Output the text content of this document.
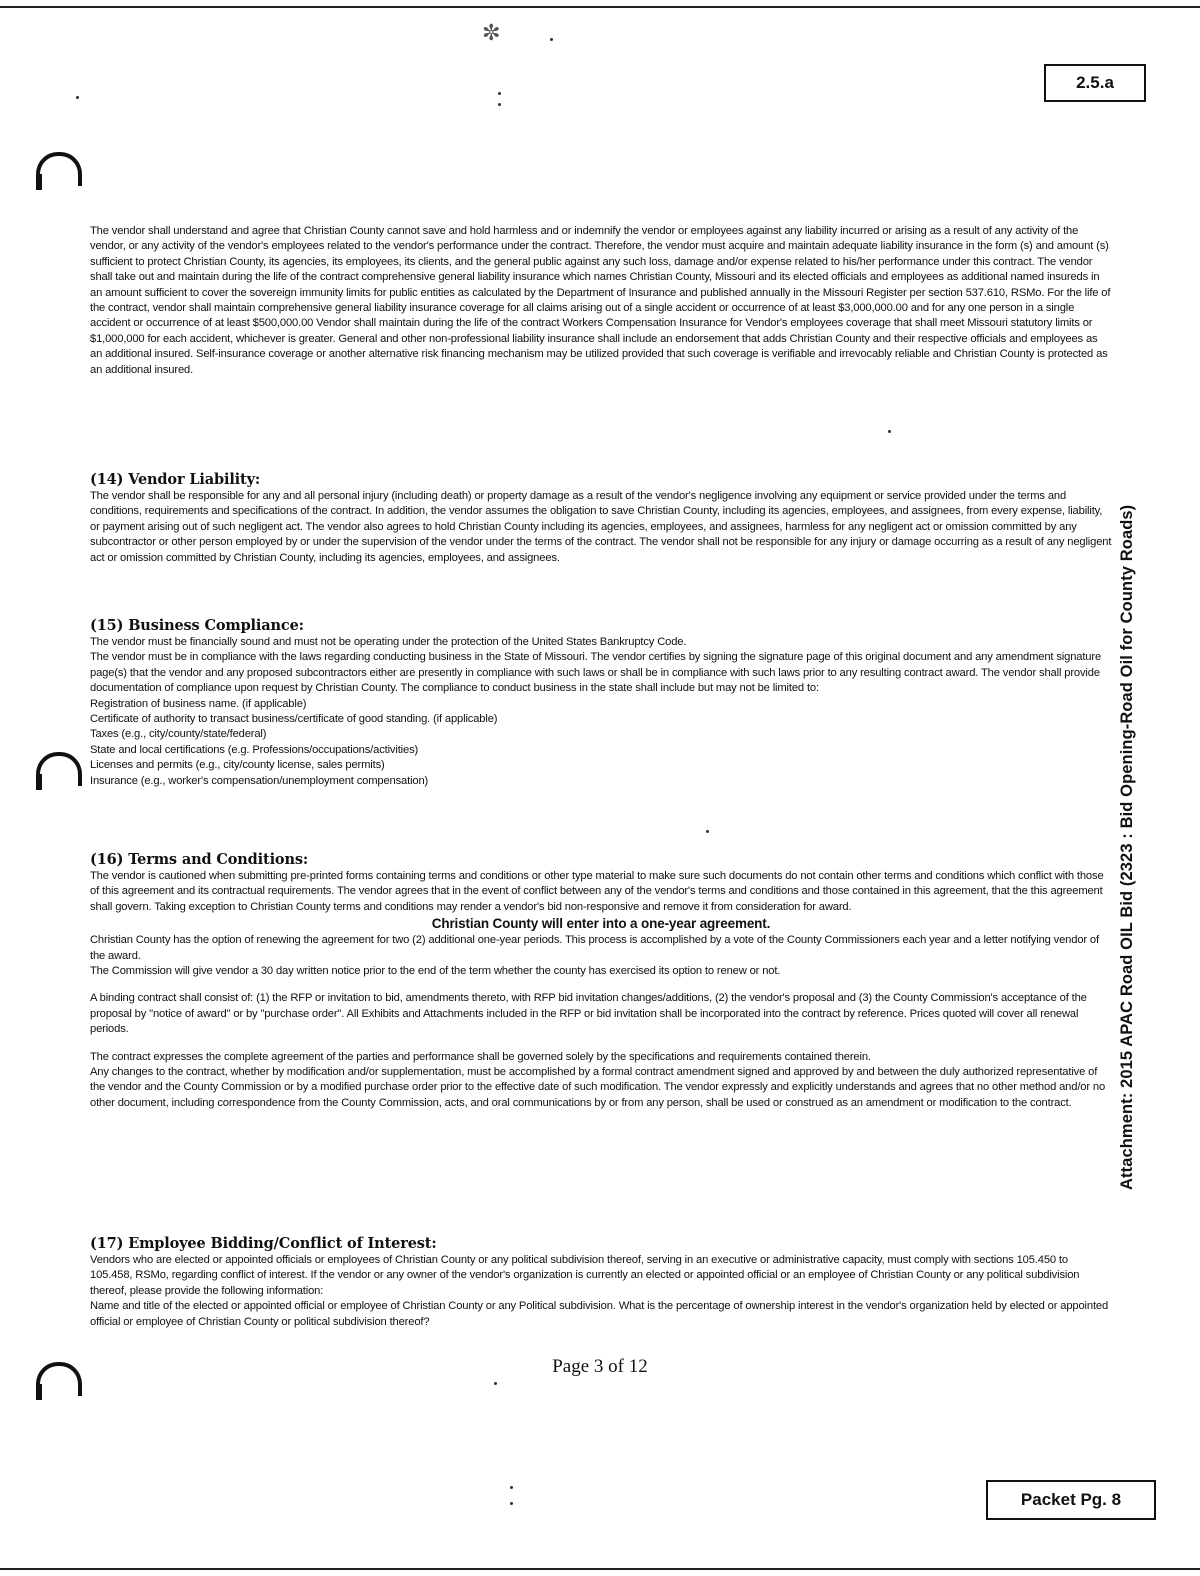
✼
2.5.a

The vendor shall understand and agree that Christian County cannot save and hold harmless and or indemnify the vendor or employees against any liability incurred or arising as a result of any activity of the vendor, or any activity of the vendor's employees related to the vendor's performance under the contract. Therefore, the vendor must acquire and maintain adequate liability insurance in the form (s) and amount (s) sufficient to protect Christian County, its agencies, its employees, its clients, and the general public against any such loss, damage and/or expense related to his/her performance under this contract. The vendor shall take out and maintain during the life of the contract comprehensive general liability insurance which names Christian County, Missouri and its elected officials and employees as additional named insureds in an amount sufficient to cover the sovereign immunity limits for public entities as calculated by the Department of Insurance and published annually in the Missouri Register per section 537.610, RSMo. For the life of the contract, vendor shall maintain comprehensive general liability insurance coverage for all claims arising out of a single accident or occurrence of at least $3,000,000.00 and for any one person in a single accident or occurrence of at least $500,000.00 Vendor shall maintain during the life of the contract Workers Compensation Insurance for Vendor's employees coverage that shall meet Missouri statutory limits or $1,000,000 for each accident, whichever is greater. General and other non-professional liability insurance shall include an endorsement that adds Christian County and their respective officials and employees as an additional insured. Self-insurance coverage or another alternative risk financing mechanism may be utilized provided that such coverage is verifiable and irrevocably reliable and Christian County is protected as an additional insured.

(14) Vendor Liability:

The vendor shall be responsible for any and all personal injury (including death) or property damage as a result of the vendor's negligence involving any equipment or service provided under the terms and conditions, requirements and specifications of the contract. In addition, the vendor assumes the obligation to save Christian County, including its agencies, employees, and assignees, from every expense, liability, or payment arising out of such negligent act. The vendor also agrees to hold Christian County including its agencies, employees, and assignees, harmless for any negligent act or omission committed by any subcontractor or other person employed by or under the supervision of the vendor under the terms of the contract. The vendor shall not be responsible for any injury or damage occurring as a result of any negligent act or omission committed by Christian County, including its agencies, employees, and assignees.

(15) Business Compliance:

The vendor must be financially sound and must not be operating under the protection of the United States Bankruptcy Code.

The vendor must be in compliance with the laws regarding conducting business in the State of Missouri. The vendor certifies by signing the signature page of this original document and any amendment signature page(s) that the vendor and any proposed subcontractors either are presently in compliance with such laws or shall be in compliance with such laws prior to any resulting contract award. The vendor shall provide documentation of compliance upon request by Christian County. The compliance to conduct business in the state shall include but may not be limited to:

Registration of business name. (if applicable)

Certificate of authority to transact business/certificate of good standing. (if applicable)

Taxes (e.g., city/county/state/federal)

State and local certifications (e.g. Professions/occupations/activities)

Licenses and permits (e.g., city/county license, sales permits)

Insurance (e.g., worker's compensation/unemployment compensation)

(16) Terms and Conditions:

The vendor is cautioned when submitting pre-printed forms containing terms and conditions or other type material to make sure such documents do not contain other terms and conditions which conflict with those of this agreement and its contractual requirements. The vendor agrees that in the event of conflict between any of the vendor's terms and conditions and those contained in this agreement, that the this agreement shall govern. Taking exception to Christian County terms and conditions may render a vendor's bid non-responsive and remove it from consideration for award.

Christian County will enter into a one-year agreement.

Christian County has the option of renewing the agreement for two (2) additional one-year periods. This process is accomplished by a vote of the County Commissioners each year and a letter notifying vendor of the award.

The Commission will give vendor a 30 day written notice prior to the end of the term whether the county has exercised its option to renew or not.

A binding contract shall consist of: (1) the RFP or invitation to bid, amendments thereto, with RFP bid invitation changes/additions, (2) the vendor's proposal and (3) the County Commission's acceptance of the proposal by "notice of award" or by "purchase order". All Exhibits and Attachments included in the RFP or bid invitation shall be incorporated into the contract by reference. Prices quoted will cover all renewal periods.

The contract expresses the complete agreement of the parties and performance shall be governed solely by the specifications and requirements contained therein.

Any changes to the contract, whether by modification and/or supplementation, must be accomplished by a formal contract amendment signed and approved by and between the duly authorized representative of the vendor and the County Commission or by a modified purchase order prior to the effective date of such modification. The vendor expressly and explicitly understands and agrees that no other method and/or no other document, including correspondence from the County Commission, acts, and oral communications by or from any person, shall be used or construed as an amendment or modification to the contract.

(17) Employee Bidding/Conflict of Interest:

Vendors who are elected or appointed officials or employees of Christian County or any political subdivision thereof, serving in an executive or administrative capacity, must comply with sections 105.450 to 105.458, RSMo, regarding conflict of interest. If the vendor or any owner of the vendor's organization is currently an elected or appointed official or an employee of Christian County or any political subdivision thereof, please provide the following information:

Name and title of the elected or appointed official or employee of Christian County or any Political subdivision. What is the percentage of ownership interest in the vendor's organization held by elected or appointed official or employee of Christian County or political subdivision thereof?

Page 3 of 12
Attachment: 2015 APAC Road OIL Bid (2323 : Bid Opening-Road Oil for County Roads)
Packet Pg. 8
